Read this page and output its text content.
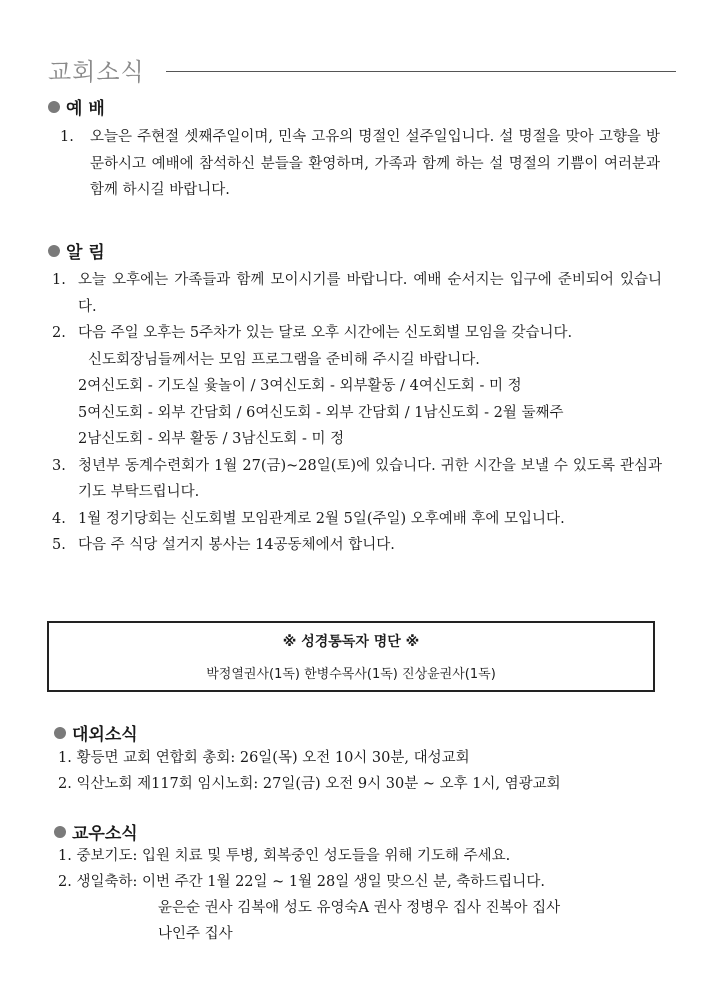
교회소식
예 배
1. 오늘은 주현절 셋째주일이며, 민속 고유의 명절인 설주일입니다. 설 명절을 맞아 고향을 방문하시고 예배에 참석하신 분들을 환영하며, 가족과 함께 하는 설 명절의 기쁨이 여러분과 함께 하시길 바랍니다.
알 림
1. 오늘 오후에는 가족들과 함께 모이시기를 바랍니다. 예배 순서지는 입구에 준비되어 있습니다.
2. 다음 주일 오후는 5주차가 있는 달로 오후 시간에는 신도회별 모임을 갖습니다.
신도회장님들께서는 모임 프로그램을 준비해 주시길 바랍니다.
2여신도회 - 기도실 윷놀이 / 3여신도회 - 외부활동 / 4여신도회 - 미 정
5여신도회 - 외부 간담회 / 6여신도회 - 외부 간담회 / 1남신도회 - 2월 둘째주
2남신도회 - 외부 활동 / 3남신도회 - 미 정
3. 청년부 동계수련회가 1월 27(금)~28일(토)에 있습니다. 귀한 시간을 보낼 수 있도록 관심과 기도 부탁드립니다.
4. 1월 정기당회는 신도회별 모임관계로 2월 5일(주일) 오후예배 후에 모입니다.
5. 다음 주 식당 설거지 봉사는 14공동체에서 합니다.
※ 성경통독자 명단 ※
박정열권사(1독) 한병수목사(1독) 진상윤권사(1독)
대외소식
1. 황등면 교회 연합회 총회: 26일(목) 오전 10시 30분, 대성교회
2. 익산노회 제117회 임시노회: 27일(금) 오전 9시 30분 ~ 오후 1시, 염광교회
교우소식
1.
중보기도:
입원 치료 및 투병, 회복중인 성도들을 위해 기도해 주세요.
2.
생일축하:
이번 주간 1월 22일 ~ 1월 28일 생일 맞으신 분, 축하드립니다.
윤은순 권사 김복애 성도 유영숙A 권사 정병우 집사 진복아 집사
나인주 집사
